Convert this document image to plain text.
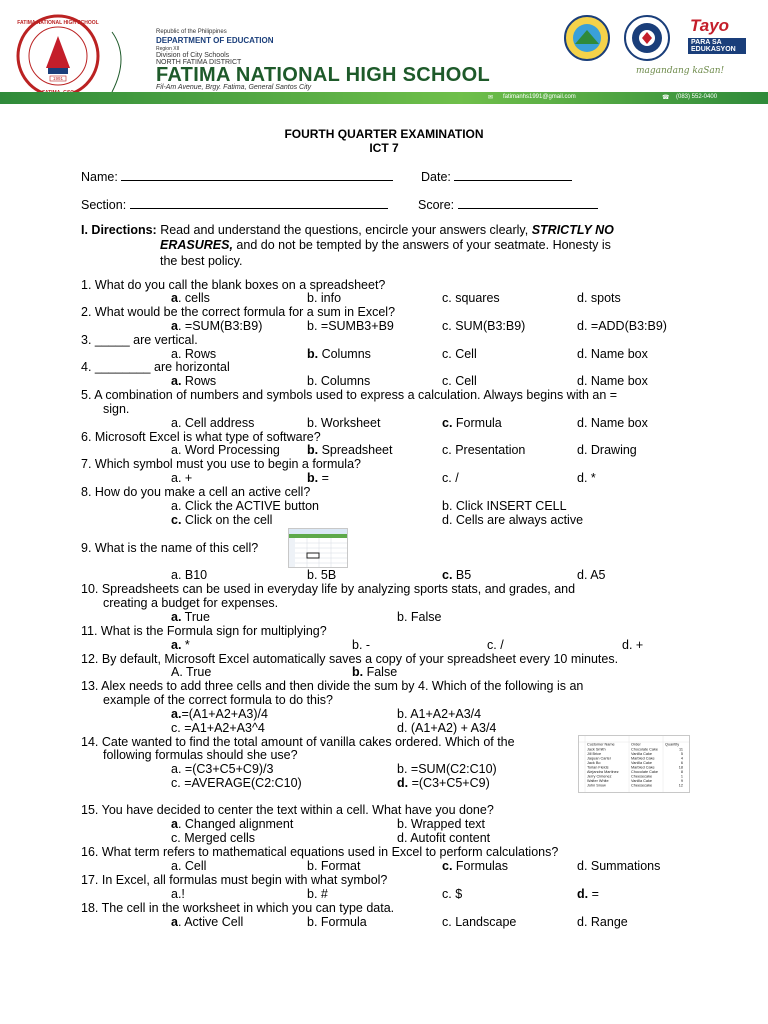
1991
FATIMA NATIONAL HIGH SCHOOL
Republic of the Philippines
DEPARTMENT OF EDUCATION
Region XII
Division of City Schools
NORTH FATIMA DISTRICT
FATIMA NATIONAL HIGH SCHOOL
Fil-Am Avenue, Brgy. Fatima, General Santos City
Tayo
PARA SA EDUKASYON
magandang kaSan!
✉ fatimanhs1991@gmail.com	☎ (083) 552-0400
FOURTH QUARTER EXAMINATION
ICT 7
Name:	Date:
Section:	Score:
I. Directions: Read and understand the questions, encircle your answers clearly, STRICTLY NO
ERASURES, and do not be tempted by the answers of your seatmate. Honesty is
the best policy.
1. What do you call the blank boxes on a spreadsheet?
a. cells	b. info	c. squares	d. spots
2. What would be the correct formula for a sum in Excel?
a. =SUM(B3:B9)	b. =SUMB3+B9	c. SUM(B3:B9)	d. =ADD(B3:B9)
3. _____ are vertical.
a. Rows	b. Columns	c. Cell	d. Name box
4. ________ are horizontal
a. Rows	b. Columns	c. Cell	d. Name box
5. A combination of numbers and symbols used to express a calculation. Always begins with an =
sign.
a. Cell address	b. Worksheet	c. Formula	d. Name box
6. Microsoft Excel is what type of software?
a. Word Processing b. Spreadsheet	c. Presentation	d. Drawing
7. Which symbol must you use to begin a formula?
a. +	b. =	c. /	d. *
8. How do you make a cell an active cell?
a. Click the ACTIVE button	b. Click INSERT CELL
c. Click on the cell	d. Cells are always active
9. What is the name of this cell?
a. B10	b. 5B	c. B5	d. A5
10. Spreadsheets can be used in everyday life by analyzing sports stats, and grades, and
creating a budget for expenses.
a. True	b. False
11. What is the Formula sign for multiplying?
a. *	b. -	c. /	d. +
12. By default, Microsoft Excel automatically saves a copy of your spreadsheet every 10 minutes.
A. True	b. False
13. Alex needs to add three cells and then divide the sum by 4. Which of the following is an
example of the correct formula to do this?
a.=(A1+A2+A3)/4	b. A1+A2+A3/4
c. =A1+A2+A3^4	d. (A1+A2) + A3/4
14. Cate wanted to find the total amount of vanilla cakes ordered. Which of the
following formulas should she use?
a. =(C3+C5+C9)/3	b. =SUM(C2:C10)
c. =AVERAGE(C2:C10)	d. =(C3+C5+C9)
Customer Name	Order	Quantity
Jack Smith	Chocolate Cake	11
Jill Brice	Vanilla Cake	5
Jaquan Carter	Marbled Cake	4
Jack Bo	Vanilla Cake	6
Torian Fields	Marbled Cake	18
Alejandra Martinez	Chocolate Cake	8
Jerry Cimenez	Cheesecake	1
Walter White	Vanilla Cake	9
John Snow	Cheesecake	12
15. You have decided to center the text within a cell. What have you done?
a. Changed alignment	b. Wrapped text
c. Merged cells	d. Autofit content
16. What term refers to mathematical equations used in Excel to perform calculations?
a. Cell	b. Format	c. Formulas	d. Summations
17. In Excel, all formulas must begin with what symbol?
a.!	b. #	c. $	d. =
18. The cell in the worksheet in which you can type data.
a. Active Cell	b. Formula	c. Landscape	d. Range
